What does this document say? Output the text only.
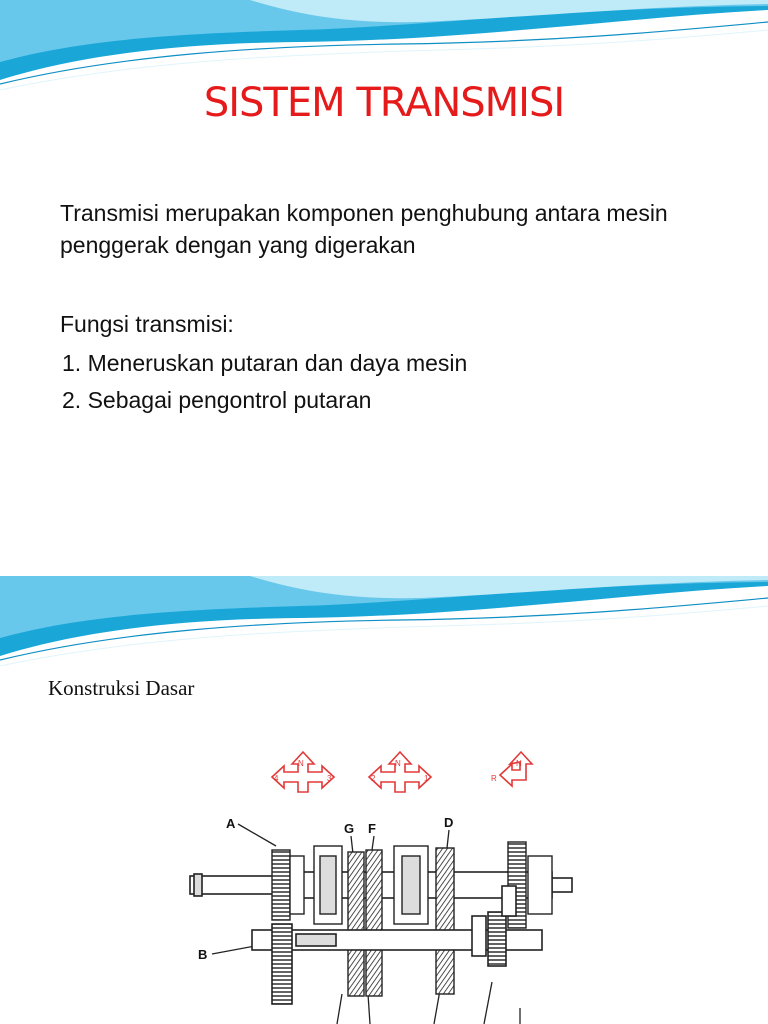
SISTEM TRANSMISI
Transmisi merupakan komponen penghubung antara mesin penggerak dengan yang digerakan
Fungsi transmisi:
1. Meneruskan putaran dan daya mesin
2. Sebagai pengontrol putaran
Konstruksi Dasar
N
4	3
N
2	1
N
R
A	G F	D
B
